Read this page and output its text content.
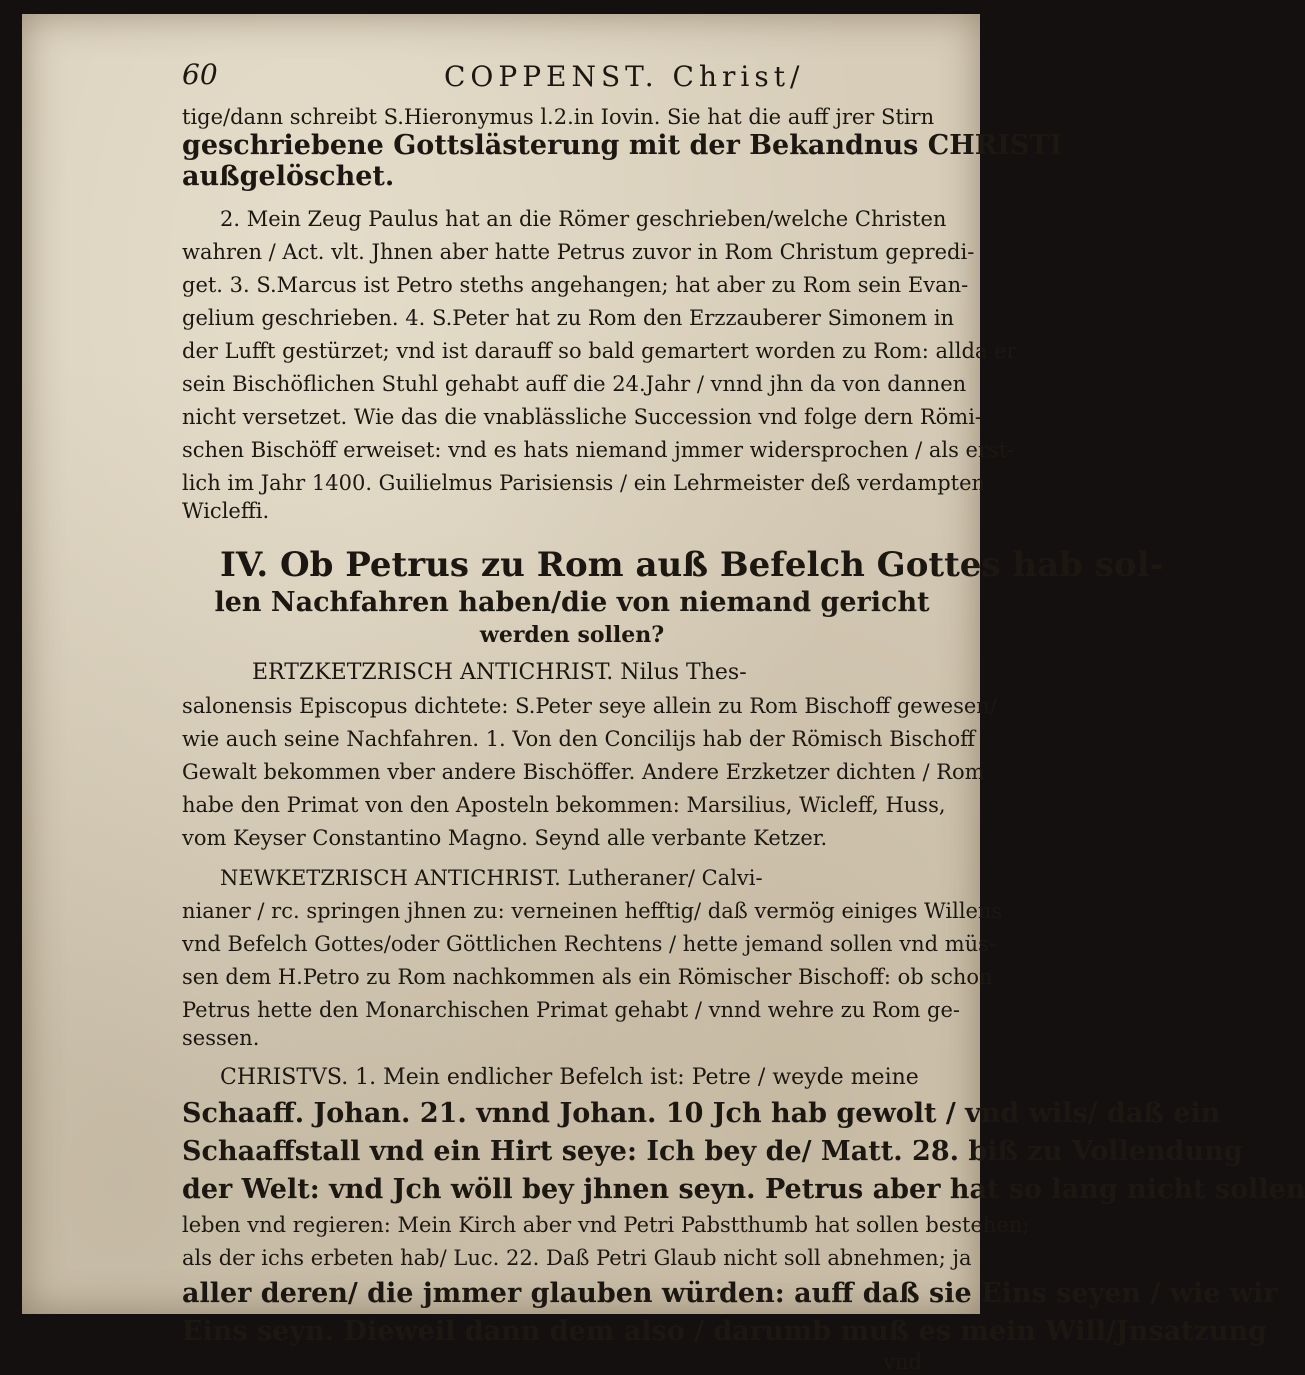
60	COPPENST. Christ/
tige/dann schreibt S.Hieronymus l.2.in Iovin. Sie hat die auff jrer Stirn
geschriebene Gottslästerung mit der Bekandnus CHRISTI
außgelöschet.
2. Mein Zeug Paulus hat an die Römer geschrieben/welche Christen
wahren / Act. vlt. Jhnen aber hatte Petrus zuvor in Rom Christum gepredi-
get. 3. S.Marcus ist Petro steths angehangen; hat aber zu Rom sein Evan-
gelium geschrieben. 4. S.Peter hat zu Rom den Erzzauberer Simonem in
der Lufft gestürzet; vnd ist darauff so bald gemartert worden zu Rom: allda er
sein Bischöflichen Stuhl gehabt auff die 24.Jahr / vnnd jhn da von dannen
nicht versetzet. Wie das die vnablässliche Succession vnd folge dern Römi-
schen Bischöff erweiset: vnd es hats niemand jmmer widersprochen / als erst-
lich im Jahr 1400. Guilielmus Parisiensis / ein Lehrmeister deß verdampten
Wicleffi.
IV. Ob Petrus zu Rom auß Befelch Gottes hab sol-
len Nachfahren haben/die von niemand gericht
werden sollen?
ERTZKETZRISCH ANTICHRIST. Nilus Thes-
salonensis Episcopus dichtete: S.Peter seye allein zu Rom Bischoff gewesen/
wie auch seine Nachfahren. 1. Von den Concilijs hab der Römisch Bischoff
Gewalt bekommen vber andere Bischöffer. Andere Erzketzer dichten / Rom
habe den Primat von den Aposteln bekommen: Marsilius, Wicleff, Huss,
vom Keyser Constantino Magno. Seynd alle verbante Ketzer.
NEWKETZRISCH ANTICHRIST. Lutheraner/ Calvi-
nianer / rc. springen jhnen zu: verneinen hefftig/ daß vermög einiges Willens
vnd Befelch Gottes/oder Göttlichen Rechtens / hette jemand sollen vnd müs-
sen dem H.Petro zu Rom nachkommen als ein Römischer Bischoff: ob schon
Petrus hette den Monarchischen Primat gehabt / vnnd wehre zu Rom ge-
sessen.
CHRISTVS. 1. Mein endlicher Befelch ist: Petre / weyde meine
Schaaff. Johan. 21. vnnd Johan. 10 Jch hab gewolt / vnd wils/ daß ein
Schaaffstall vnd ein Hirt seye: Ich bey de/ Matt. 28. biß zu Vollendung
der Welt: vnd Jch wöll bey jhnen seyn. Petrus aber hat so lang nicht sollen
leben vnd regieren: Mein Kirch aber vnd Petri Pabstthumb hat sollen bestehen;
als der ichs erbeten hab/ Luc. 22. Daß Petri Glaub nicht soll abnehmen; ja
aller deren/ die jmmer glauben würden: auff daß sie Eins seyen / wie wir
Eins seyn. Dieweil dann dem also / darumb muß es mein Will/Jnsatzung
vnd
